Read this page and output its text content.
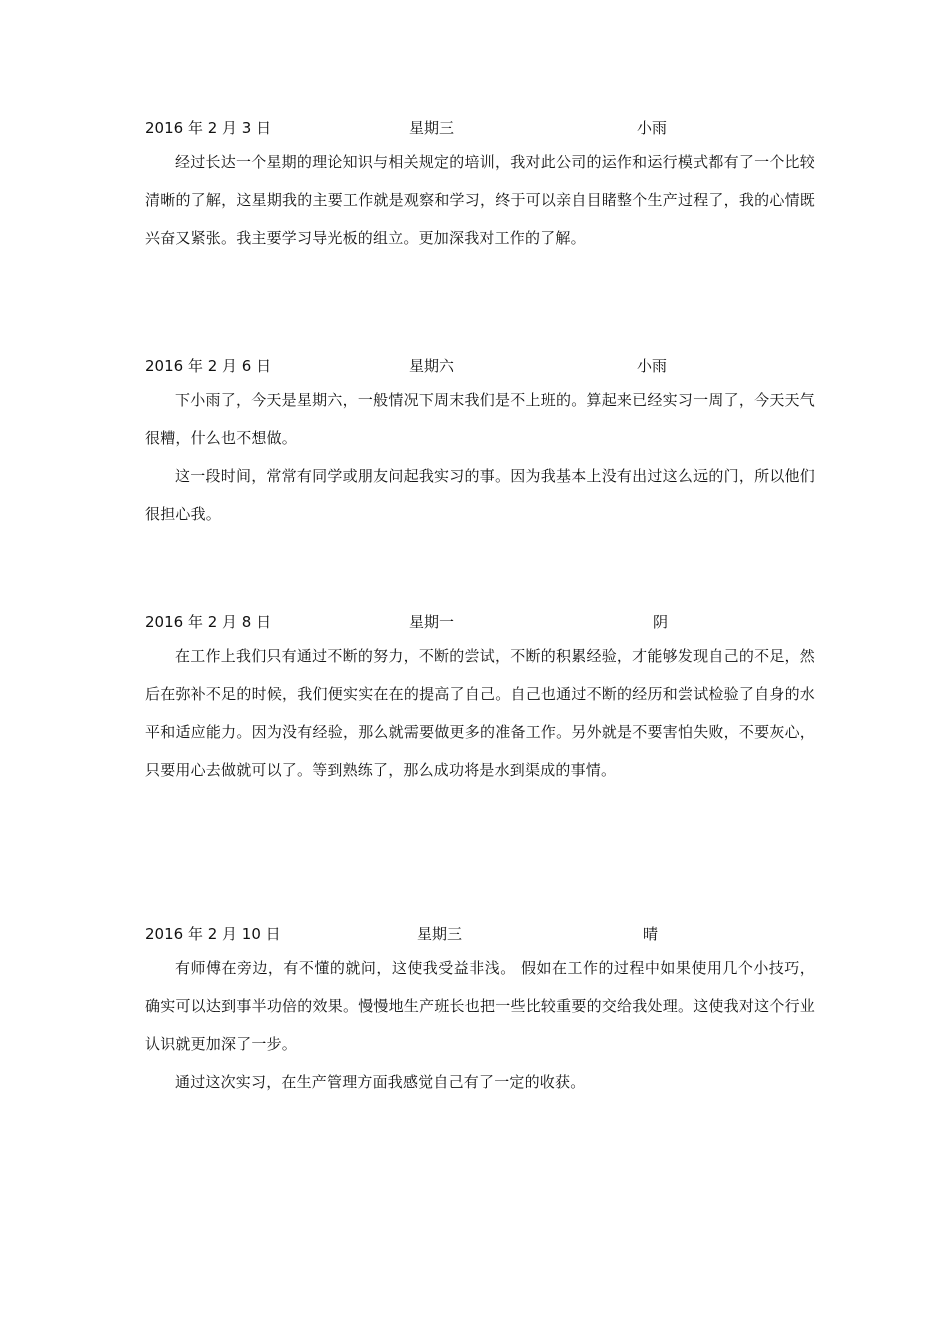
2016 年 2 月 3 日	星期三	小雨

经过长达一个星期的理论知识与相关规定的培训，我对此公司的运作和运行模式都有了一个比较清晰的了解，这星期我的主要工作就是观察和学习，终于可以亲自目睹整个生产过程了，我的心情既兴奋又紧张。我主要学习导光板的组立。更加深我对工作的了解。

2016 年 2 月 6 日	星期六	小雨

下小雨了，今天是星期六，一般情况下周末我们是不上班的。算起来已经实习一周了，今天天气很糟，什么也不想做。

这一段时间，常常有同学或朋友问起我实习的事。因为我基本上没有出过这么远的门，所以他们很担心我。

2016 年 2 月 8 日	星期一	阴

在工作上我们只有通过不断的努力，不断的尝试，不断的积累经验，才能够发现自己的不足，然后在弥补不足的时候，我们便实实在在的提高了自己。自己也通过不断的经历和尝试检验了自身的水平和适应能力。因为没有经验，那么就需要做更多的准备工作。另外就是不要害怕失败，不要灰心，只要用心去做就可以了。等到熟练了，那么成功将是水到渠成的事情。

2016 年 2 月 10 日	星期三	晴

有师傅在旁边，有不懂的就问，这使我受益非浅。 假如在工作的过程中如果使用几个小技巧，确实可以达到事半功倍的效果。慢慢地生产班长也把一些比较重要的交给我处理。这使我对这个行业认识就更加深了一步。

通过这次实习，在生产管理方面我感觉自己有了一定的收获。
